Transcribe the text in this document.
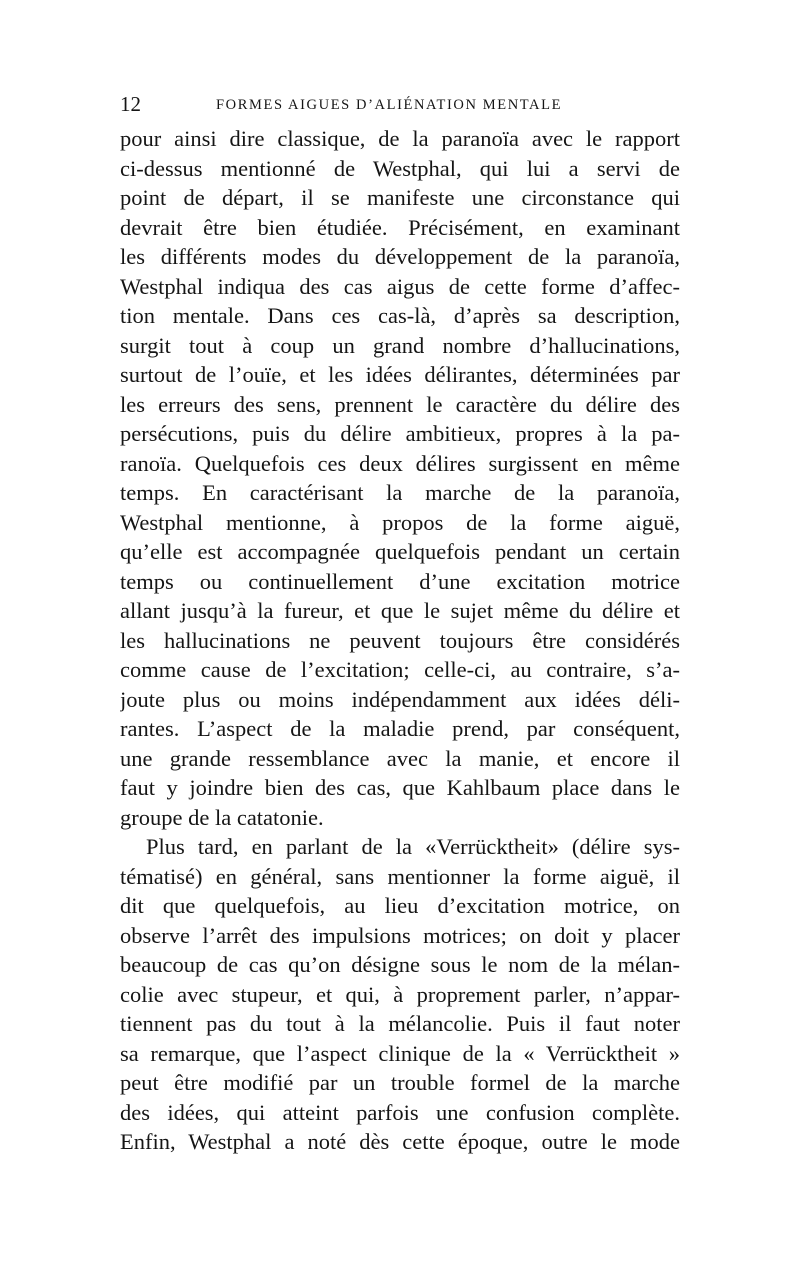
12	FORMES AIGUES D’ALIÉNATION MENTALE
pour ainsi dire classique, de la paranoïa avec le rapport
ci-dessus mentionné de Westphal, qui lui a servi de
point de départ, il se manifeste une circonstance qui
devrait être bien étudiée. Précisément, en examinant
les différents modes du développement de la paranoïa,
Westphal indiqua des cas aigus de cette forme d’affec-
tion mentale. Dans ces cas-là, d’après sa description,
surgit tout à coup un grand nombre d’hallucinations,
surtout de l’ouïe, et les idées délirantes, déterminées par
les erreurs des sens, prennent le caractère du délire des
persécutions, puis du délire ambitieux, propres à la pa-
ranoïa. Quelquefois ces deux délires surgissent en même
temps. En caractérisant la marche de la paranoïa,
Westphal mentionne, à propos de la forme aiguë,
qu’elle est accompagnée quelquefois pendant un certain
temps ou continuellement d’une excitation motrice
allant jusqu’à la fureur, et que le sujet même du délire et
les hallucinations ne peuvent toujours être considérés
comme cause de l’excitation; celle-ci, au contraire, s’a-
joute plus ou moins indépendamment aux idées déli-
rantes. L’aspect de la maladie prend, par conséquent,
une grande ressemblance avec la manie, et encore il
faut y joindre bien des cas, que Kahlbaum place dans le
groupe de la catatonie.
Plus tard, en parlant de la «Verrücktheit» (délire sys-
tématisé) en général, sans mentionner la forme aiguë, il
dit que quelquefois, au lieu d’excitation motrice, on
observe l’arrêt des impulsions motrices; on doit y placer
beaucoup de cas qu’on désigne sous le nom de la mélan-
colie avec stupeur, et qui, à proprement parler, n’appar-
tiennent pas du tout à la mélancolie. Puis il faut noter
sa remarque, que l’aspect clinique de la « Verrücktheit »
peut être modifié par un trouble formel de la marche
des idées, qui atteint parfois une confusion complète.
Enfin, Westphal a noté dès cette époque, outre le mode
